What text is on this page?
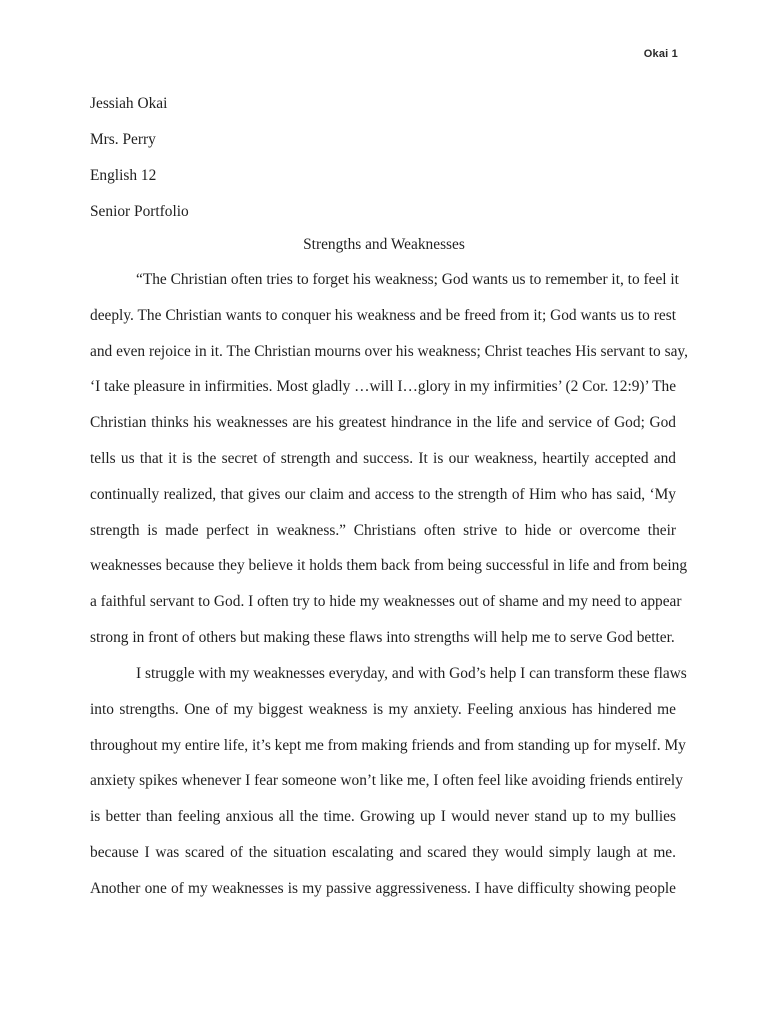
Okai 1
Jessiah Okai
Mrs. Perry
English 12
Senior Portfolio
Strengths and Weaknesses
“The Christian often tries to forget his weakness; God wants us to remember it, to feel it
deeply. The Christian wants to conquer his weakness and be freed from it; God wants us to rest
and even rejoice in it. The Christian mourns over his weakness; Christ teaches His servant to say,
‘I take pleasure in infirmities. Most gladly …will I…glory in my infirmities’ (2 Cor. 12:9)’ The
Christian thinks his weaknesses are his greatest hindrance in the life and service of God; God
tells us that it is the secret of strength and success. It is our weakness, heartily accepted and
continually realized, that gives our claim and access to the strength of Him who has said, ‘My
strength is made perfect in weakness.” Christians often strive to hide or overcome their
weaknesses because they believe it holds them back from being successful in life and from being
a faithful servant to God. I often try to hide my weaknesses out of shame and my need to appear
strong in front of others but making these flaws into strengths will help me to serve God better.
I struggle with my weaknesses everyday, and with God’s help I can transform these flaws
into strengths. One of my biggest weakness is my anxiety. Feeling anxious has hindered me
throughout my entire life, it’s kept me from making friends and from standing up for myself. My
anxiety spikes whenever I fear someone won’t like me, I often feel like avoiding friends entirely
is better than feeling anxious all the time. Growing up I would never stand up to my bullies
because I was scared of the situation escalating and scared they would simply laugh at me.
Another one of my weaknesses is my passive aggressiveness. I have difficulty showing people
